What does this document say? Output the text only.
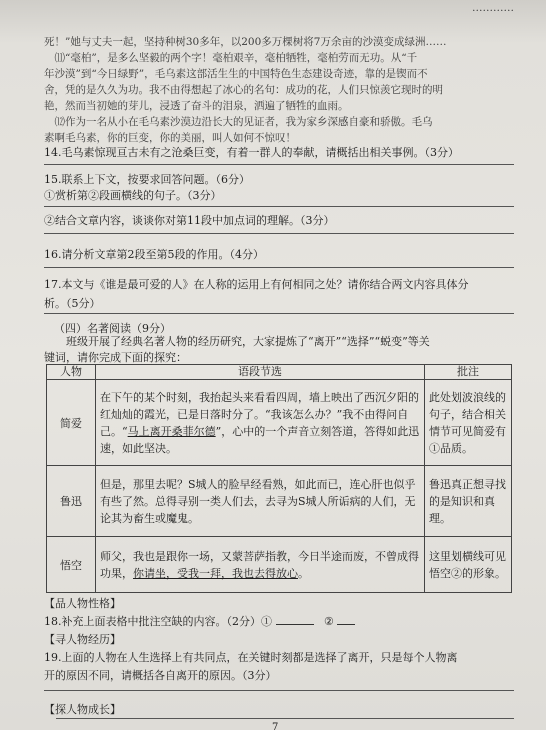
…………

死！”她与丈夫一起，坚持种树30多年，以200多万棵树将7万余亩的沙漠变成绿洲……

⑾“毫柏”，是多么坚毅的两个字！毫柏艰辛，毫柏牺牲，毫柏劳而无功。从“千

年沙漠”到“今日绿野”，毛乌素这部活生生的中国特色生态建设奇迹，靠的是锲而不

舍，凭的是久久为功。我不由得想起了冰心的名句：成功的花，人们只惊羡它现时的明

艳，然而当初她的芽儿，浸透了奋斗的泪泉，洒遍了牺牲的血雨。

⑿作为一名从小在毛乌素沙漠边沿长大的见证者，我为家乡深感自豪和骄傲。毛乌

素啊毛乌素，你的巨变，你的美丽，叫人如何不惊叹！

14.毛乌素惊现亘古未有之沧桑巨变，有着一群人的奉献，请概括出相关事例。（3分）

15.联系上下文，按要求回答问题。（6分）

①赏析第②段画横线的句子。（3分）

②结合文章内容，谈谈你对第11段中加点词的理解。（3分）

16.请分析文章第2段至第5段的作用。（4分）

17.本文与《谁是最可爱的人》在人称的运用上有何相同之处？请你结合两文内容具体分

析。（5分）

（四）名著阅读（9分）

班级开展了经典名著人物的经历研究，大家提炼了“离开”“选择”“蜕变”等关

键词，请你完成下面的探究：

人物	语段节选	批注
简爱	在下午的某个时刻，我抬起头来看看四周，墙上映出了西沉夕阳的红灿灿的霞光，已是日落时分了。“我该怎么办？”我不由得问自己。“马上离开桑菲尔德”，心中的一个声音立刻答道，答得如此迅速，如此坚决。	此处划波浪线的句子，结合相关情节可见简爱有①品质。
鲁迅	但是，那里去呢？S城人的脸早经看熟，如此而已，连心肝也似乎有些了然。总得寻别一类人们去，去寻为S城人所诟病的人们，无论其为畜生或魔鬼。	鲁迅真正想寻找的是知识和真理。
悟空	师父，我也是跟你一场，又蒙菩萨指教，今日半途而废，不曾成得功果，你请坐，受我一拜，我也去得放心。	这里划横线可见悟空②的形象。

【品人物性格】

18.补充上面表格中批注空缺的内容。（2分）①	②

【寻人物经历】

19.上面的人物在人生选择上有共同点，在关键时刻都是选择了离开，只是每个人物离

开的原因不同，请概括各自离开的原因。（3分）

【探人物成长】

7
